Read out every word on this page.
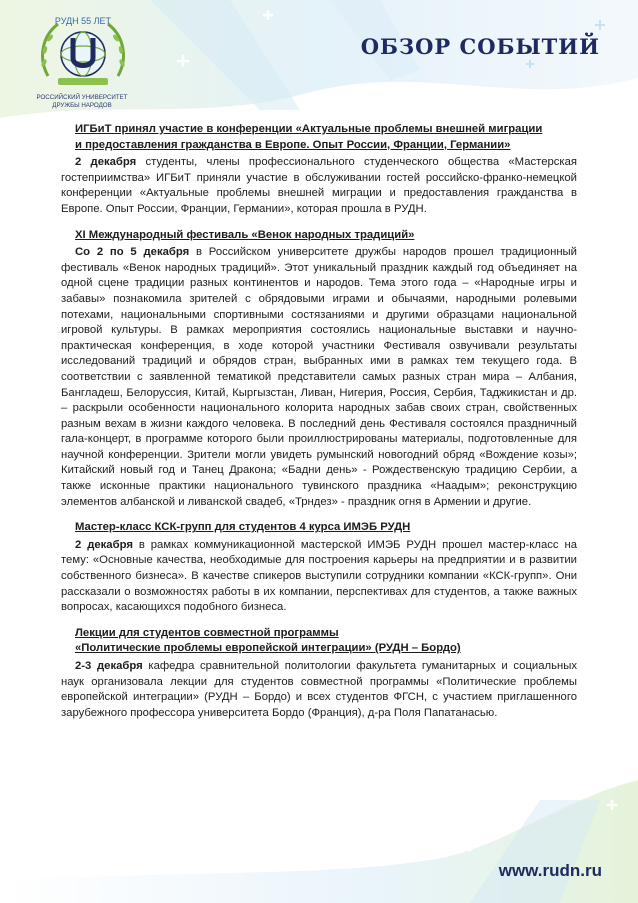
РУДН 55 ЛЕТ
РОССИЙСКИЙ УНИВЕРСИТЕТ
ДРУЖБЫ НАРОДОВ
ОБЗОР СОБЫТИЙ
ИГБиТ принял участие в конференции «Актуальные проблемы внешней миграции
и предоставления гражданства в Европе. Опыт России, Франции, Германии»

2 декабря студенты, члены профессионального студенческого общества «Мастерская гостеприимства» ИГБиТ приняли участие в обслуживании гостей российско-франко-немецкой конференции «Актуальные проблемы внешней миграции и предоставления гражданства в Европе. Опыт России, Франции, Германии», которая прошла в РУДН.

XI Международный фестиваль «Венок народных традиций»

Со 2 по 5 декабря в Российском университете дружбы народов прошел традиционный фестиваль «Венок народных традиций». Этот уникальный праздник каждый год объединяет на одной сцене традиции разных континентов и народов. Тема этого года – «Народные игры и забавы» познакомила зрителей с обрядовыми играми и обычаями, народными ролевыми потехами, национальными спортивными состязаниями и другими образцами национальной игровой культуры. В рамках мероприятия состоялись национальные выставки и научно-практическая конференция, в ходе которой участники Фестиваля озвучивали результаты исследований традиций и обрядов стран, выбранных ими в рамках тем текущего года. В соответствии с заявленной тематикой представители самых разных стран мира – Албания, Бангладеш, Белоруссия, Китай, Кыргызстан, Ливан, Нигерия, Россия, Сербия, Таджикистан и др. – раскрыли особенности национального колорита народных забав своих стран, свойственных разным вехам в жизни каждого человека. В последний день Фестиваля состоялся праздничный гала-концерт, в программе которого были проиллюстрированы материалы, подготовленные для научной конференции. Зрители могли увидеть румынский новогодний обряд «Вождение козы»; Китайский новый год и Танец Дракона; «Бадни день» - Рождественскую традицию Сербии, а также исконные практики национального тувинского праздника «Наадым»; реконструкцию элементов албанской и ливанской свадеб, «Трндез» - праздник огня в Армении и другие.

Мастер-класс КСК-групп для студентов 4 курса ИМЭБ РУДН

2 декабря в рамках коммуникационной мастерской ИМЭБ РУДН прошел мастер-класс на тему: «Основные качества, необходимые для построения карьеры на предприятии и в развитии собственного бизнеса». В качестве спикеров выступили сотрудники компании «КСК-групп». Они рассказали о возможностях работы в их компании, перспективах для студентов, а также важных вопросах, касающихся подобного бизнеса.

Лекции для студентов совместной программы
«Политические проблемы европейской интеграции» (РУДН – Бордо)

2-3 декабря кафедра сравнительной политологии факультета гуманитарных и социальных наук организовала лекции для студентов совместной программы «Политические проблемы европейской интеграции» (РУДН – Бордо) и всех студентов ФГСН, с участием приглашенного зарубежного профессора университета Бордо (Франция), д-ра Поля Папатанасью.

www.rudn.ru
